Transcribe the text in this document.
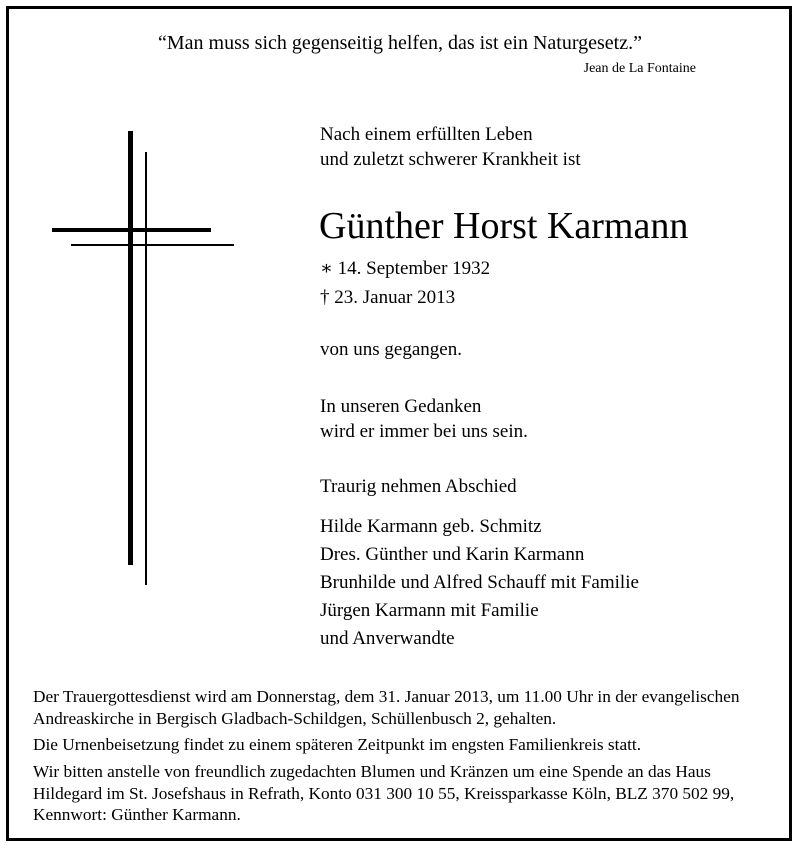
“Man muss sich gegenseitig helfen, das ist ein Naturgesetz.”
Jean de La Fontaine
Nach einem erfüllten Leben
und zuletzt schwerer Krankheit ist
Günther Horst Karmann
∗ 14. September 1932
† 23. Januar 2013
von uns gegangen.
In unseren Gedanken
wird er immer bei uns sein.
Traurig nehmen Abschied
Hilde Karmann geb. Schmitz
Dres. Günther und Karin Karmann
Brunhilde und Alfred Schauff mit Familie
Jürgen Karmann mit Familie
und Anverwandte
Der Trauergottesdienst wird am Donnerstag, dem 31. Januar 2013, um 11.00 Uhr in der evangelischen
Andreaskirche in Bergisch Gladbach-Schildgen, Schüllenbusch 2, gehalten.
Die Urnenbeisetzung findet zu einem späteren Zeitpunkt im engsten Familienkreis statt.
Wir bitten anstelle von freundlich zugedachten Blumen und Kränzen um eine Spende an das Haus
Hildegard im St. Josefshaus in Refrath, Konto 031 300 10 55, Kreissparkasse Köln, BLZ 370 502 99,
Kennwort: Günther Karmann.
